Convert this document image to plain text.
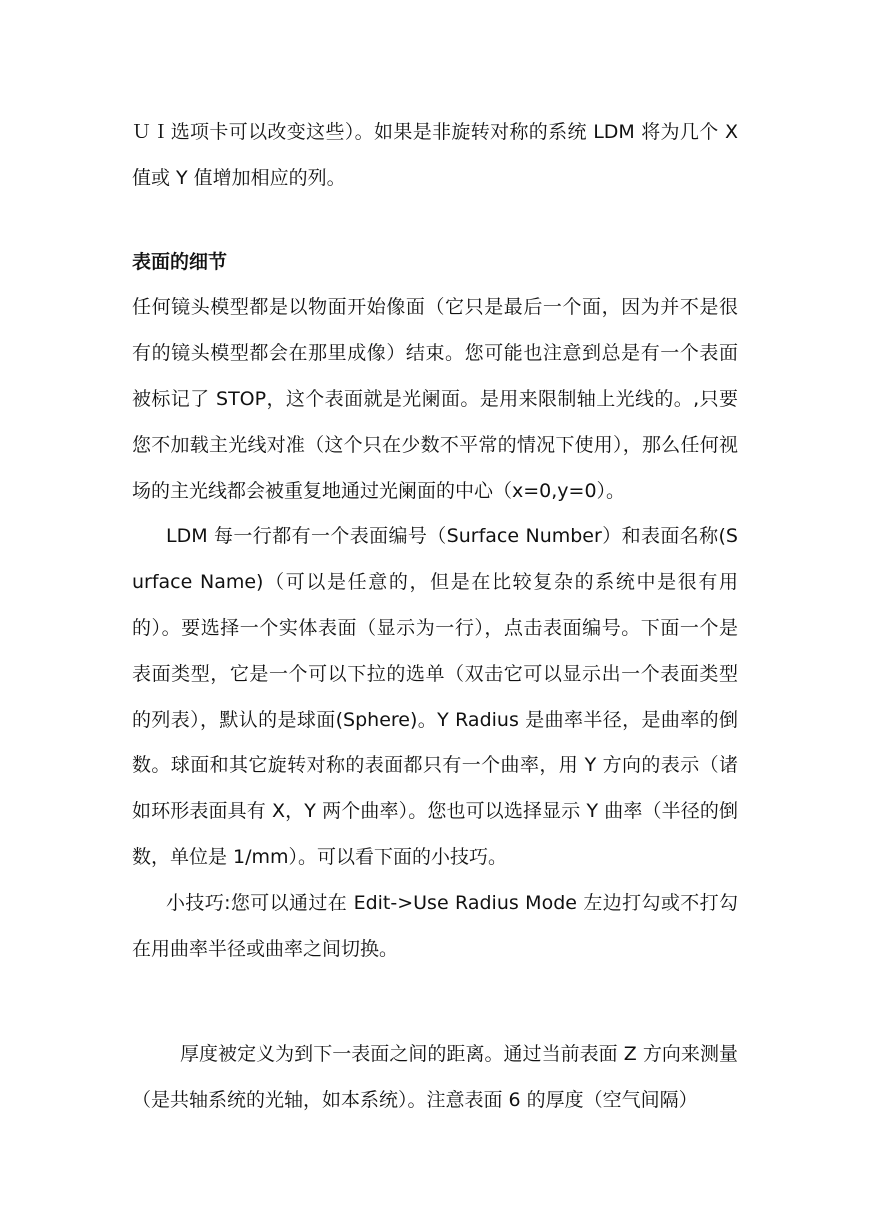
ＵＩ选项卡可以改变这些）。如果是非旋转对称的系统 LDM 将为几个 X 值或 Y 值增加相应的列。

表面的细节

任何镜头模型都是以物面开始像面（它只是最后一个面，因为并不是很有的镜头模型都会在那里成像）结束。您可能也注意到总是有一个表面被标记了 STOP，这个表面就是光阑面。是用来限制轴上光线的。,只要您不加载主光线对准（这个只在少数不平常的情况下使用），那么任何视场的主光线都会被重复地通过光阑面的中心（x=0,y=0）。

LDM 每一行都有一个表面编号（Surface Number）和表面名称(Surface Name)（可以是任意的，但是在比较复杂的系统中是很有用的）。要选择一个实体表面（显示为一行），点击表面编号。下面一个是表面类型，它是一个可以下拉的选单（双击它可以显示出一个表面类型的列表），默认的是球面(Sphere)。Y Radius 是曲率半径，是曲率的倒数。球面和其它旋转对称的表面都只有一个曲率，用 Y 方向的表示（诸如环形表面具有 X，Y 两个曲率）。您也可以选择显示 Y 曲率（半径的倒数，单位是 1/mm）。可以看下面的小技巧。

小技巧:您可以通过在 Edit->Use Radius Mode 左边打勾或不打勾在用曲率半径或曲率之间切换。

厚度被定义为到下一表面之间的距离。通过当前表面 Z 方向来测量（是共轴系统的光轴，如本系统）。注意表面 6 的厚度（空气间隔）
